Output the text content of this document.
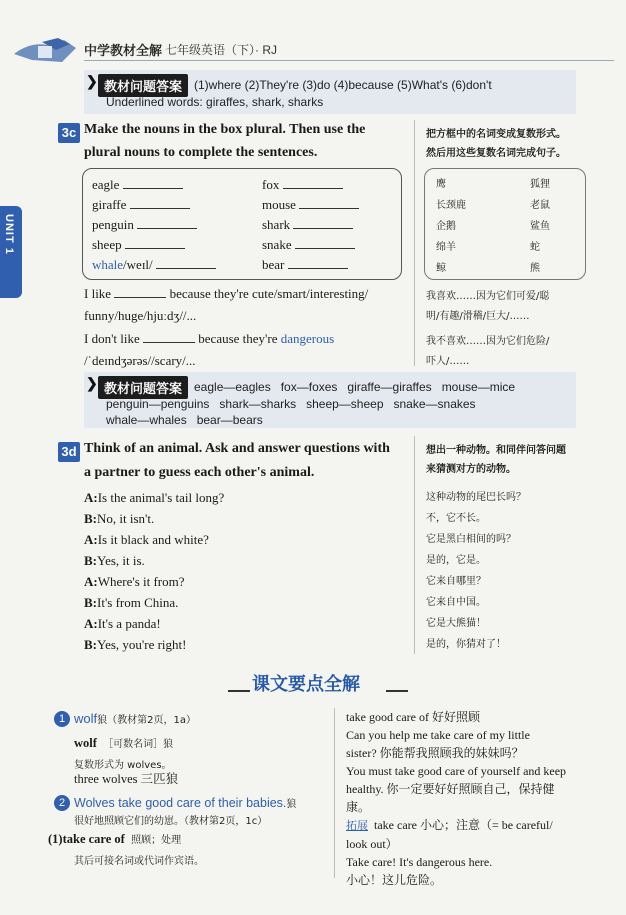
中学教材全解 七年级英语（下）· RJ
UNIT 1
❯ 教材问题答案 (1)where (2)They're (3)do (4)because (5)What's (6)don't
Underlined words: giraffes, shark, sharks
3c Make the nouns in the box plural. Then use the
plural nouns to complete the sentences.
把方框中的名词变成复数形式。
然后用这些复数名词完成句子。
eagle
giraffe
penguin
sheep
whale/weɪl/
fox
mouse
shark
snake
bear
鹰
长颈鹿
企鹅
绵羊
鲸
狐狸
老鼠
鲨鱼
蛇
熊
I like	because they're cute/smart/interesting/
funny/huge/hjuːdʒ//...
I don't like	because they're dangerous
/ˈdeɪndʒərəs//scary/...
我喜欢……因为它们可爱/聪
明/有趣/滑稽/巨大/……
我不喜欢……因为它们危险/
吓人/……
❯ 教材问题答案 eagle—eagles   fox—foxes   giraffe—giraffes   mouse—mice
penguin—penguins   shark—sharks   sheep—sheep   snake—snakes
whale—whales   bear—bears
3d Think of an animal. Ask and answer questions with
a partner to guess each other's animal.
想出一种动物。和同伴问答问题
来猜测对方的动物。
A:Is the animal's tail long?
B:No, it isn't.
A:Is it black and white?
B:Yes, it is.
A:Where's it from?
B:It's from China.
A:It's a panda!
B:Yes, you're right!
这种动物的尾巴长吗？
不，它不长。
它是黑白相间的吗？
是的，它是。
它来自哪里？
它来自中国。
它是大熊猫！
是的，你猜对了！
课文要点全解
1 wolf狼（教材第2页，1a）
wolf ［可数名词］狼
复数形式为 wolves。
three wolves 三匹狼
2 Wolves take good care of their babies.狼
很好地照顾它们的幼崽。（教材第2页，1c）
(1)take care of 照顾；处理
其后可接名词或代词作宾语。
take good care of 好好照顾
Can you help me take care of my little
sister? 你能帮我照顾我的妹妹吗？
You must take good care of yourself and keep
healthy. 你一定要好好照顾自己，保持健康。
拓展 take care 小心；注意（= be careful/
look out）
Take care! It's dangerous here.
小心！这儿危险。
